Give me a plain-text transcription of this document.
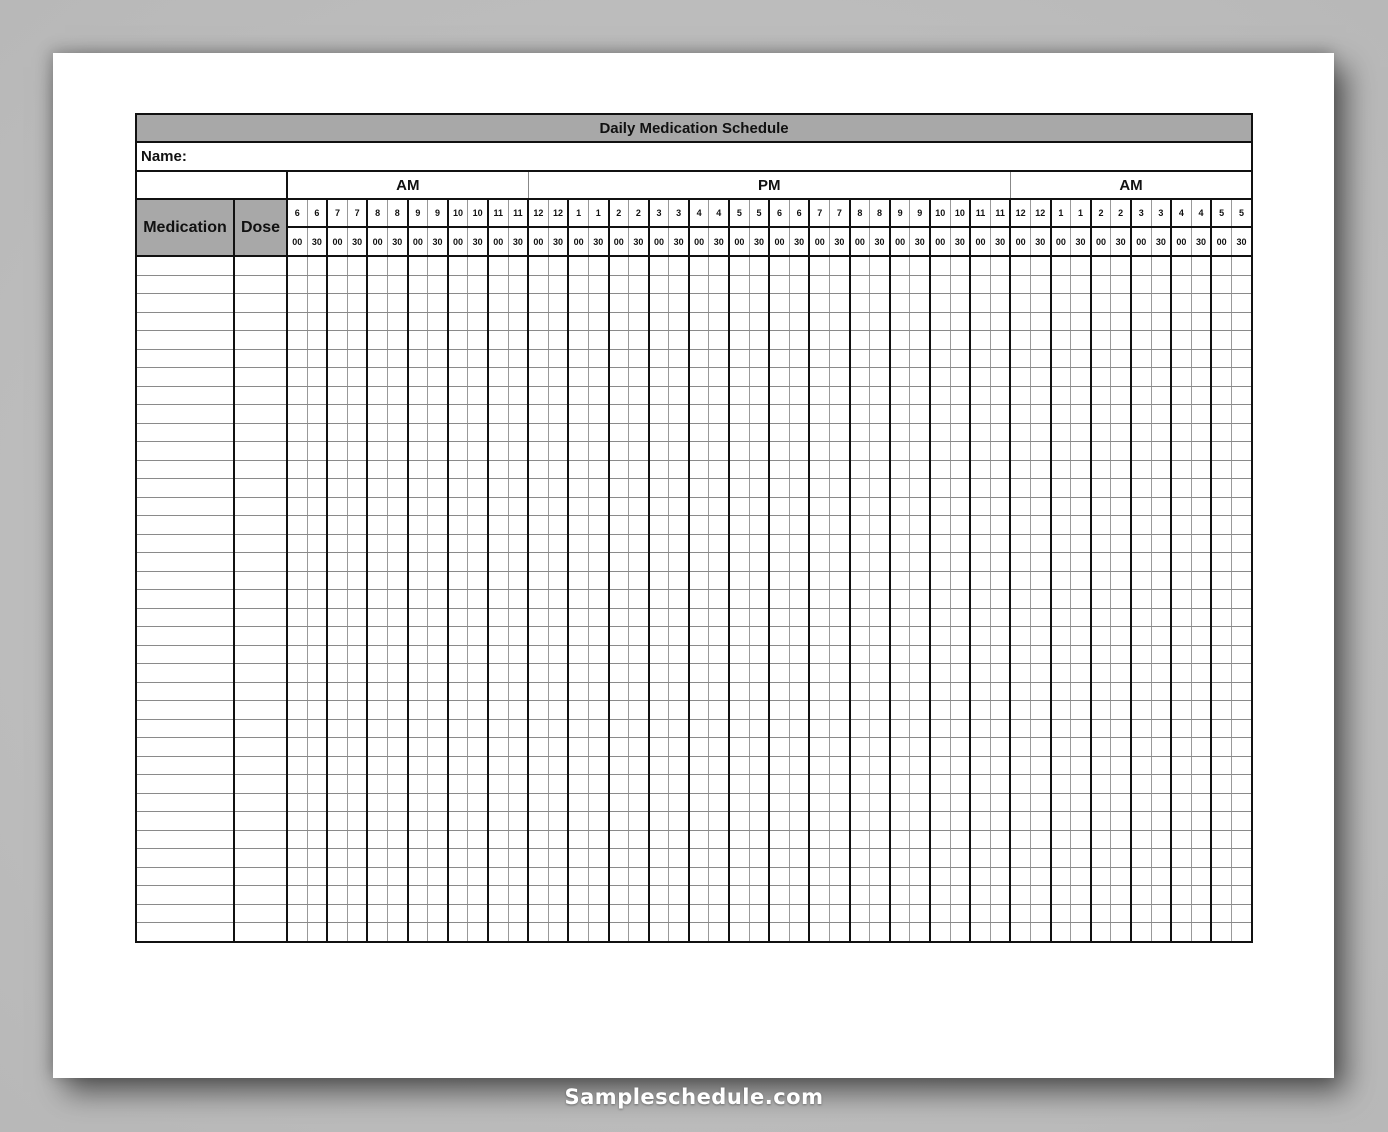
Daily Medication Schedule																																																	
Name:																																																	
		AM												PM																								AM											
Medication	Dose	6	6	7	7	8	8	9	9	10	10	11	11	12	12	1	1	2	2	3	3	4	4	5	5	6	6	7	7	8	8	9	9	10	10	11	11	12	12	1	1	2	2	3	3	4	4	5	5
		00	30	00	30	00	30	00	30	00	30	00	30	00	30	00	30	00	30	00	30	00	30	00	30	00	30	00	30	00	30	00	30	00	30	00	30	00	30	00	30	00	30	00	30	00	30	00	30

Sampleschedule.com
